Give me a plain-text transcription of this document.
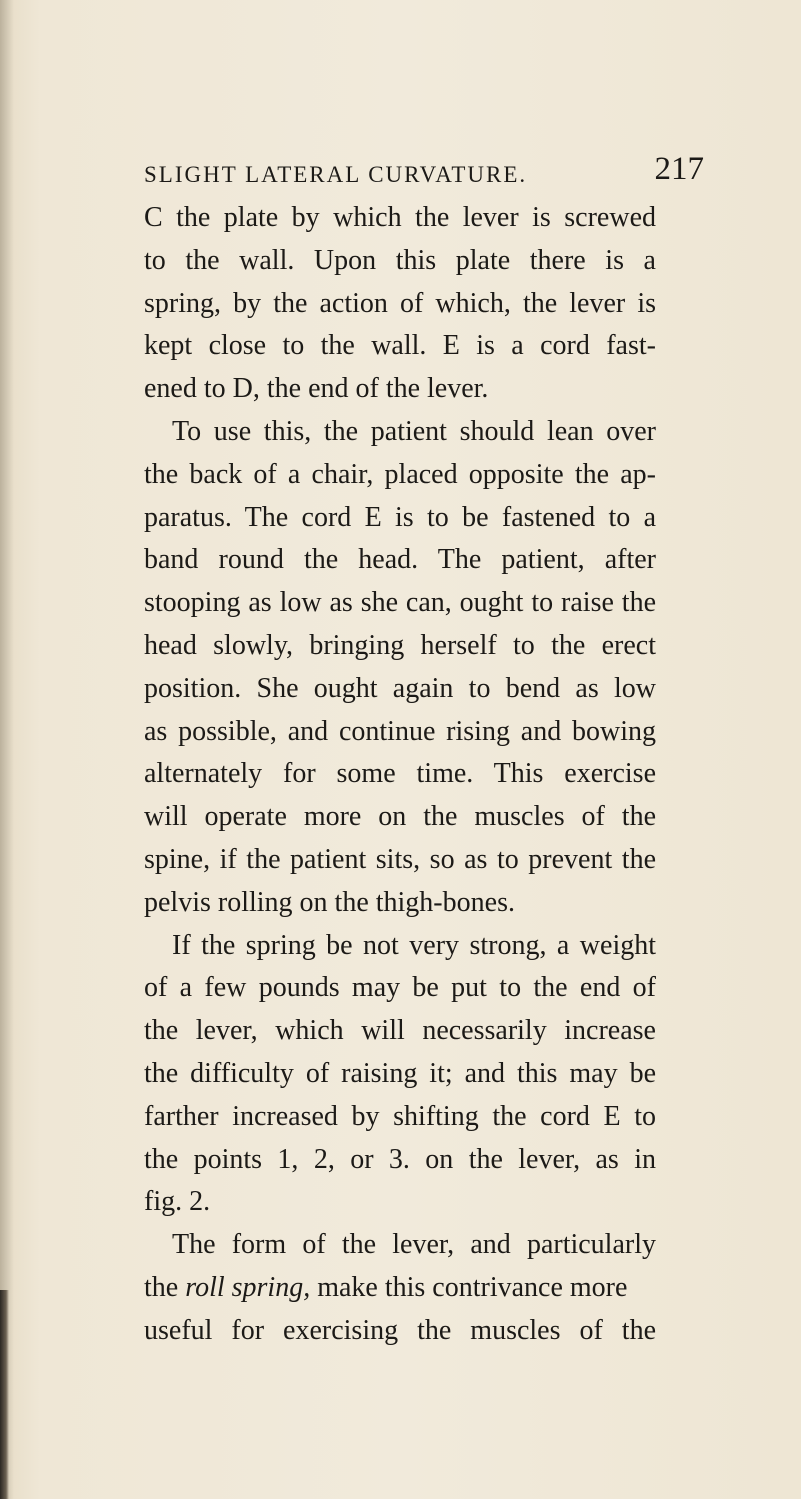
SLIGHT LATERAL CURVATURE.	217
C the plate by which the lever is screwed
to the wall. Upon this plate there is a
spring, by the action of which, the lever is
kept close to the wall. E is a cord fast-
ened to D, the end of the lever.
To use this, the patient should lean over
the back of a chair, placed opposite the ap-
paratus. The cord E is to be fastened to a
band round the head. The patient, after
stooping as low as she can, ought to raise the
head slowly, bringing herself to the erect
position. She ought again to bend as low
as possible, and continue rising and bowing
alternately for some time. This exercise
will operate more on the muscles of the
spine, if the patient sits, so as to prevent the
pelvis rolling on the thigh-bones.
If the spring be not very strong, a weight
of a few pounds may be put to the end of
the lever, which will necessarily increase
the difficulty of raising it; and this may be
farther increased by shifting the cord E to
the points 1, 2, or 3. on the lever, as in
fig. 2.
The form of the lever, and particularly
the roll spring, make this contrivance more
useful for exercising the muscles of the
